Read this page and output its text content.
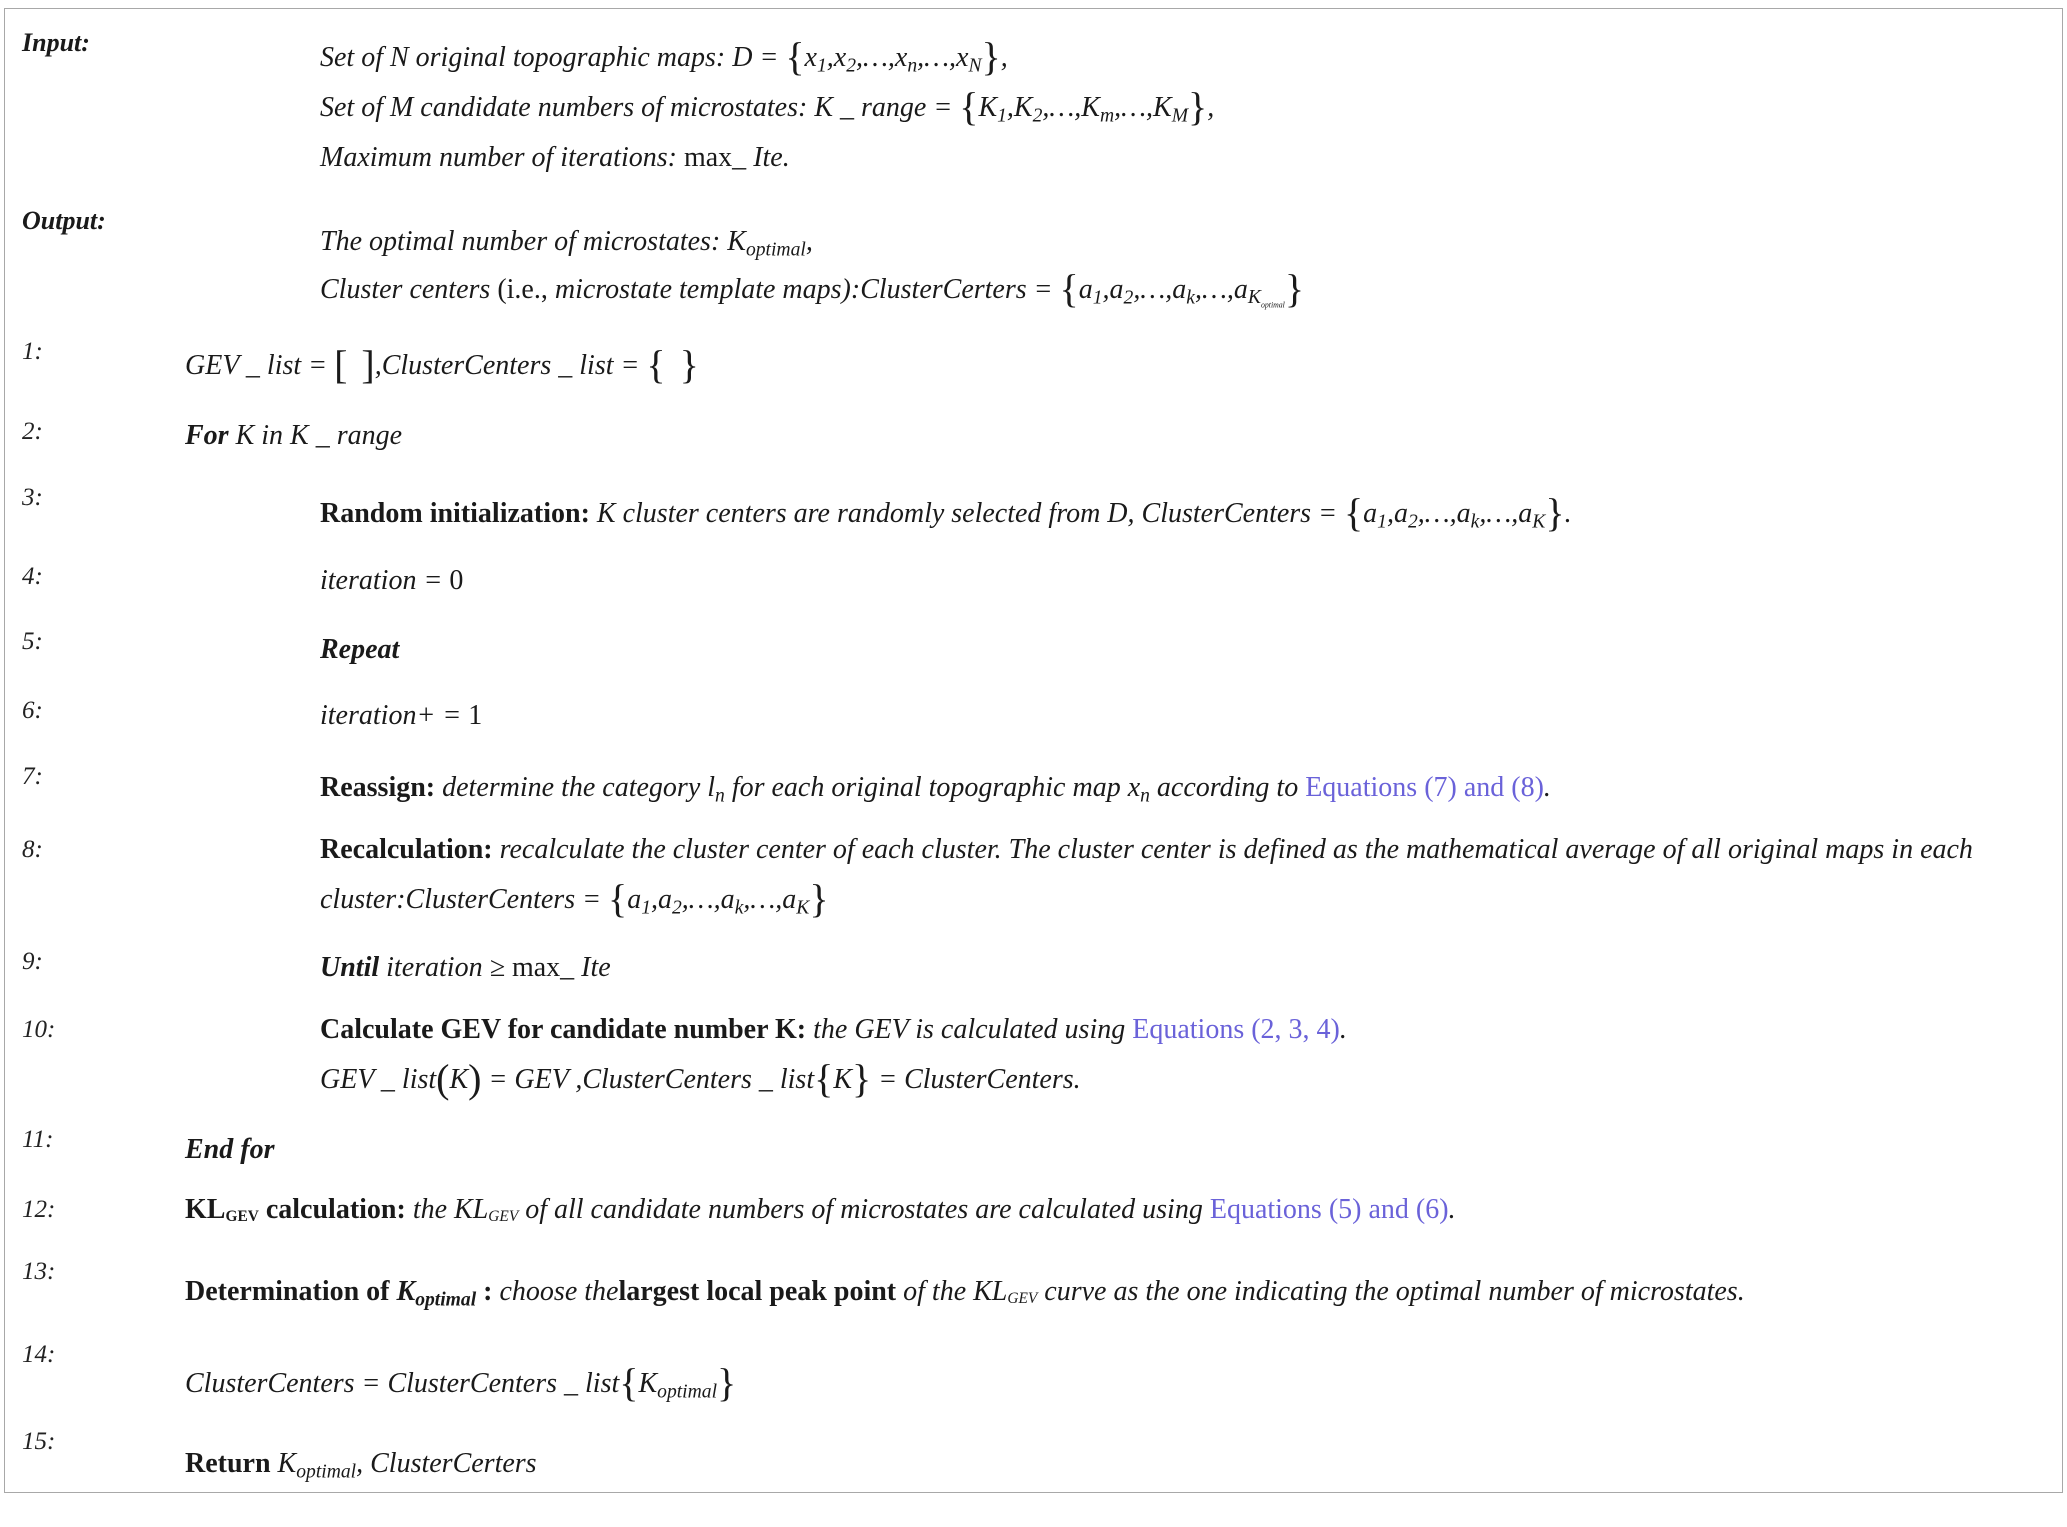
Input:	Set of N original topographic maps: $D = \{x_1,x_2,\dots,x_n,\dots,x_N\}$,
Set of M candidate numbers of microstates: K _ range = $\{K_1,K_2,\dots,K_m,\dots,K_M\}$,
Maximum number of iterations: max_ Ite.
Output:
The optimal number of microstates: $K_{optimal}$,
Cluster centers (i.e., microstate template maps):ClusterCerters = $\{a_1,a_2,\dots,a_k,\dots,a_{K_{optimal}}\}$
1:	GEV _ list = [ ],ClusterCenters _ list = { }
2:	For K in K _ range
3:
Random initialization: K cluster centers are randomly selected from D, ClusterCenters = $\{a_1,a_2,\dots,a_k,\dots,a_K\}$.
4:	iteration = 0
5:	Repeat
6:	iteration+ = 1
7:	Reassign: determine the category $l_n$ for each original topographic map $x_n$ according to Equations (7) and (8).
8:	Recalculation: recalculate the cluster center of each cluster. The cluster center is defined as the mathematical average of all original maps in each
cluster:ClusterCenters = $\{a_1,a_2,\dots,a_k,\dots,a_K\}$
9:	Until iteration ≥ max_ Ite
10:	Calculate GEV for candidate number K: the GEV is calculated using Equations (2, 3, 4).
GEV _ list(K) = GEV ,ClusterCenters _ list{K} = ClusterCenters.
11:	End for
12:	$KL_{GEV}$ calculation: the $KL_{GEV}$ of all candidate numbers of microstates are calculated using Equations (5) and (6).
13:
Determination of $K_{optimal}$ : choose thelargest local peak point of the $KL_{GEV}$ curve as the one indicating the optimal number of microstates.
14:
ClusterCenters = ClusterCenters _ $list\{K_{optimal}\}$
15:
Return $K_{optimal}$, ClusterCerters
